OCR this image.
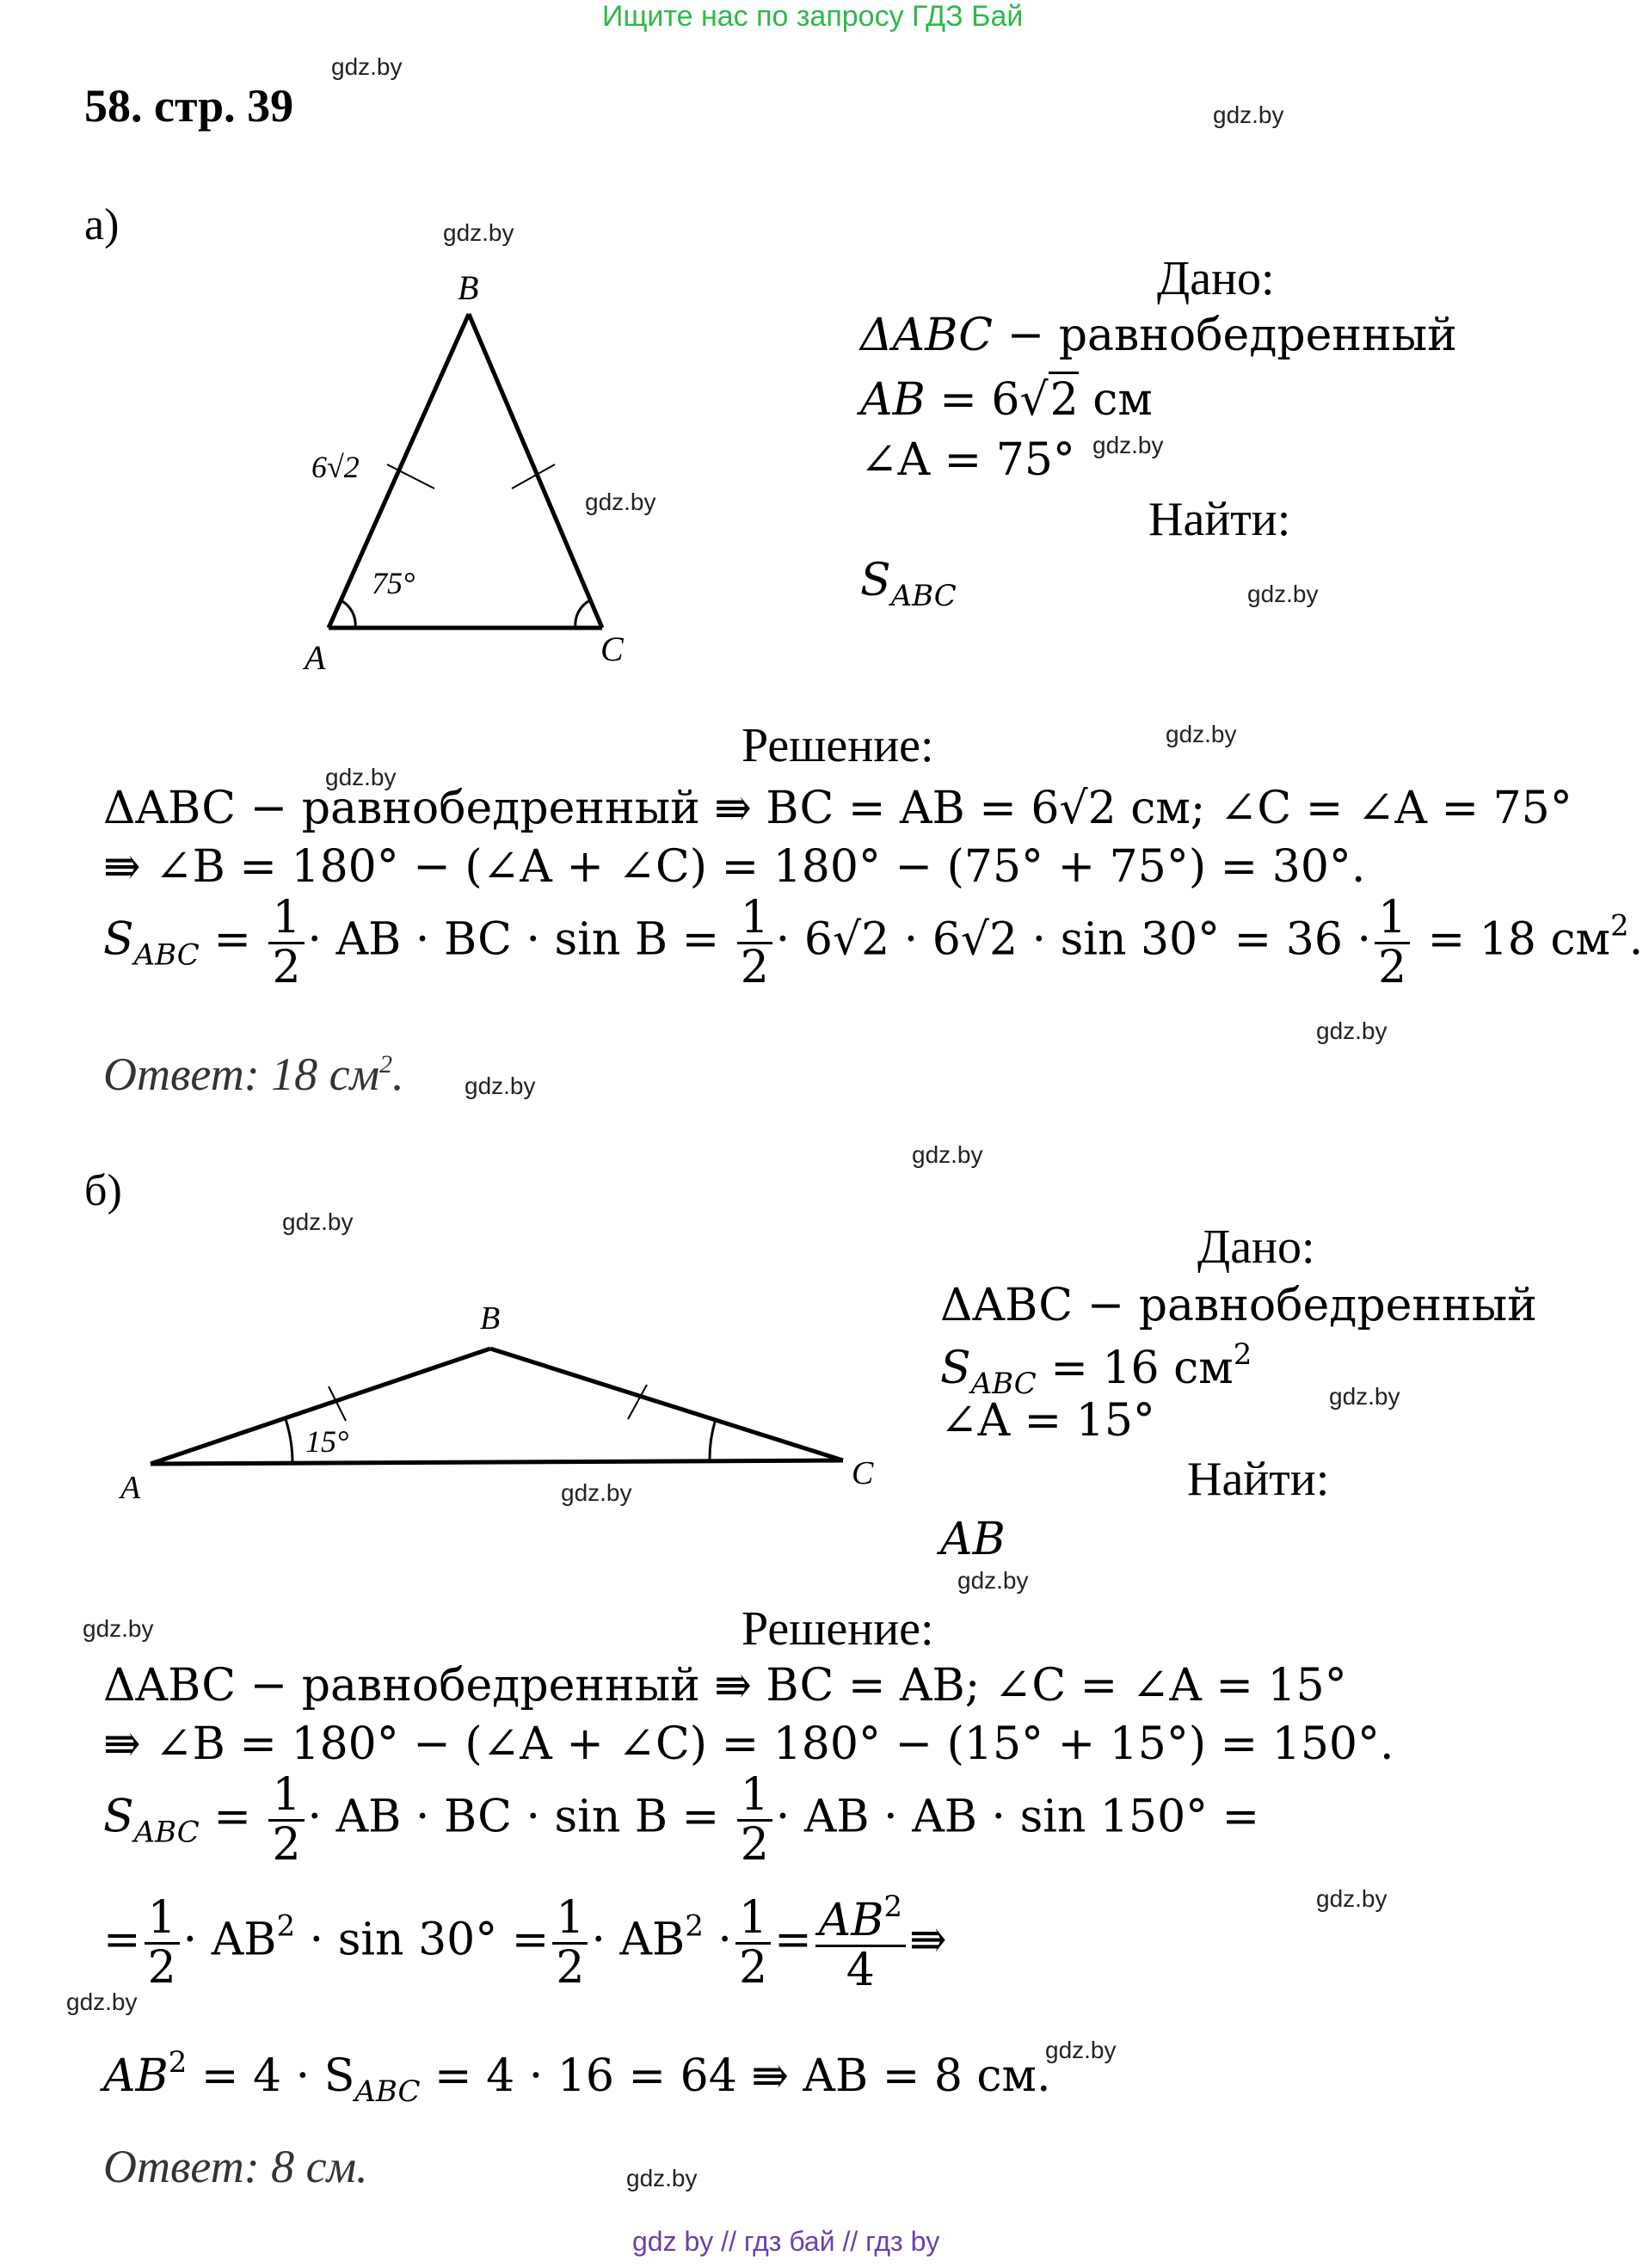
Ищите нас по запросу ГДЗ Бай
58. стр. 39
gdz.by
gdz.by
gdz.by
gdz.by
gdz.by
gdz.by
gdz.by
gdz.by
gdz.by
gdz.by
gdz.by
gdz.by
gdz.by
gdz.by
gdz.by
gdz.by
gdz.by
gdz.by
gdz.by
gdz.by
а)
B
A	C
6√2
75°
Дано:
ΔABC − равнобедренный
AB = 6√2 см
∠A = 75°
Найти:
$S_{ABC}$
Решение:
ΔABC − равнобедренный ⇛ BC = AB = 6√2 см; ∠C = ∠A = 75°
⇛ ∠B = 180° − (∠A + ∠C) = 180° − (75° + 75°) = 30°.
$S_{ABC} = \frac{1}{2}$ · AB · BC · $\sin B = \frac{1}{2} \cdot 6√2 \cdot 6√2 \cdot \sin 30^\circ = 36 \cdot \frac{1}{2} = 18$ $см^2$.
Ответ: 18 $см^2$.
б)
B
A	C
15°
Дано:
ΔABC − равнобедренный
$S_{ABC} = 16$ $см^2$
∠A = 15°
Найти:
AB
Решение:
ΔABC − равнобедренный ⇛ BC = AB; ∠C = ∠A = 15°
⇛ ∠B = 180° − (∠A + ∠C) = 180° − (15° + 15°) = 150°.
$S_{ABC} = \frac{1}{2}$ · AB · BC · $\sin B = \frac{1}{2}$ · AB · AB · sin 150° =
= $\frac{1}{2} \cdot AB^2 \cdot \sin 30^\circ = \frac{1}{2} \cdot AB^2 \cdot \frac{1}{2} = \frac{AB^2}{4}$ ⇛
$AB^2 = 4 \cdot S_{ABC} = 4 \cdot 16 = 64$ ⇛ AB = 8 см.
Ответ: 8 см.
gdz by // гдз бай // гдз by
